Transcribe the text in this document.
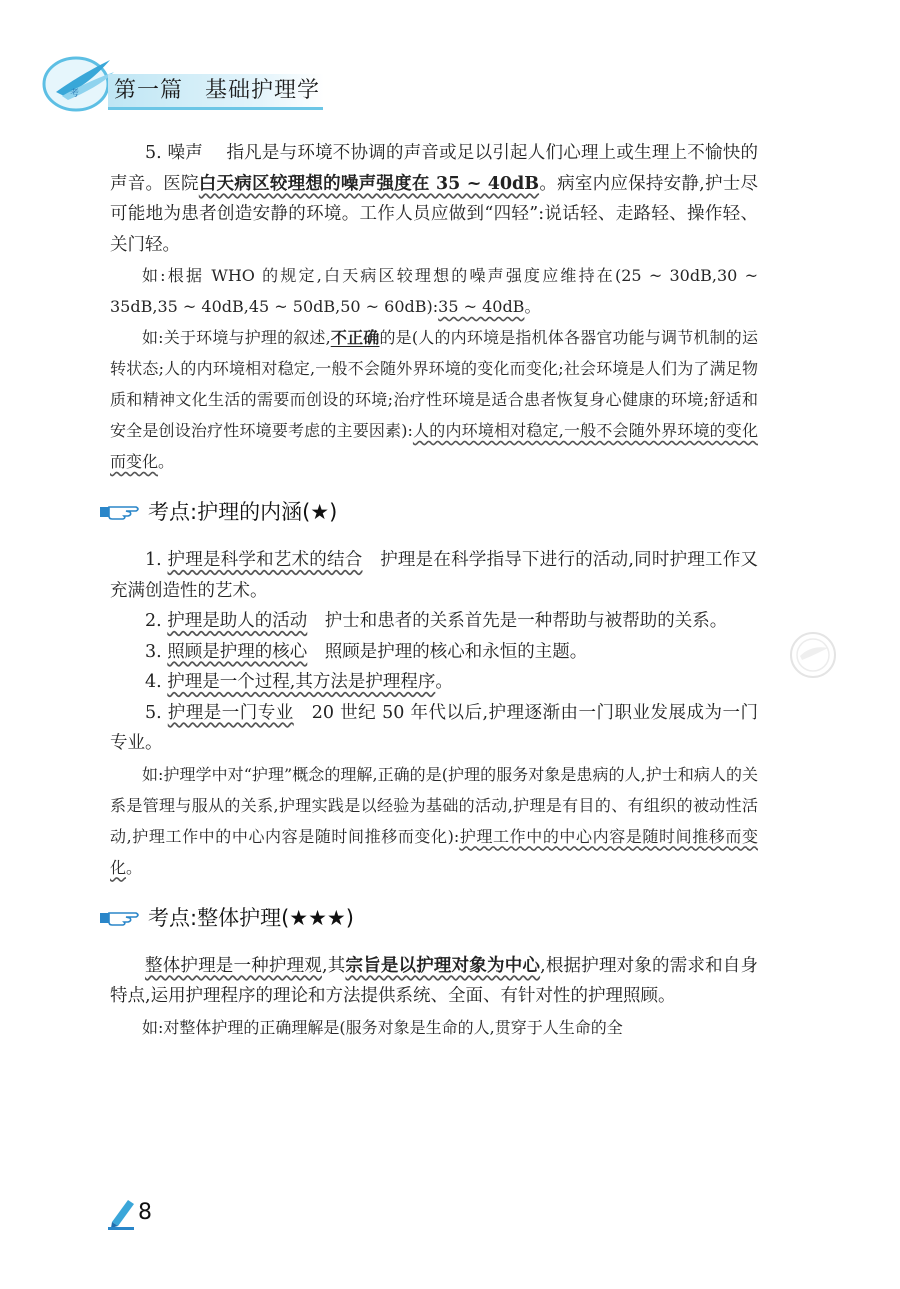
考 第一篇 基础护理学

5. 噪声　 指凡是与环境不协调的声音或足以引起人们心理上或生理上不愉快的声音。医院白天病区较理想的噪声强度在 35 ~ 40dB。病室内应保持安静,护士尽可能地为患者创造安静的环境。工作人员应做到“四轻”:说话轻、走路轻、操作轻、关门轻。

如:根据 WHO 的规定,白天病区较理想的噪声强度应维持在(25 ~ 30dB,30 ~ 35dB,35 ~ 40dB,45 ~ 50dB,50 ~ 60dB):35 ~ 40dB。

如:关于环境与护理的叙述,不正确的是(人的内环境是指机体各器官功能与调节机制的运转状态;人的内环境相对稳定,一般不会随外界环境的变化而变化;社会环境是人们为了满足物质和精神文化生活的需要而创设的环境;治疗性环境是适合患者恢复身心健康的环境;舒适和安全是创设治疗性环境要考虑的主要因素):人的内环境相对稳定,一般不会随外界环境的变化而变化。

考点:护理的内涵(★)

1. 护理是科学和艺术的结合　护理是在科学指导下进行的活动,同时护理工作又充满创造性的艺术。

2. 护理是助人的活动　护士和患者的关系首先是一种帮助与被帮助的关系。

3. 照顾是护理的核心　照顾是护理的核心和永恒的主题。

4. 护理是一个过程,其方法是护理程序。

5. 护理是一门专业　20 世纪 50 年代以后,护理逐渐由一门职业发展成为一门专业。

如:护理学中对“护理”概念的理解,正确的是(护理的服务对象是患病的人,护士和病人的关系是管理与服从的关系,护理实践是以经验为基础的活动,护理是有目的、有组织的被动性活动,护理工作中的中心内容是随时间推移而变化):护理工作中的中心内容是随时间推移而变化。

考点:整体护理(★★★)

整体护理是一种护理观,其宗旨是以护理对象为中心,根据护理对象的需求和自身特点,运用护理程序的理论和方法提供系统、全面、有针对性的护理照顾。

如:对整体护理的正确理解是(服务对象是生命的人,贯穿于人生命的全

8
